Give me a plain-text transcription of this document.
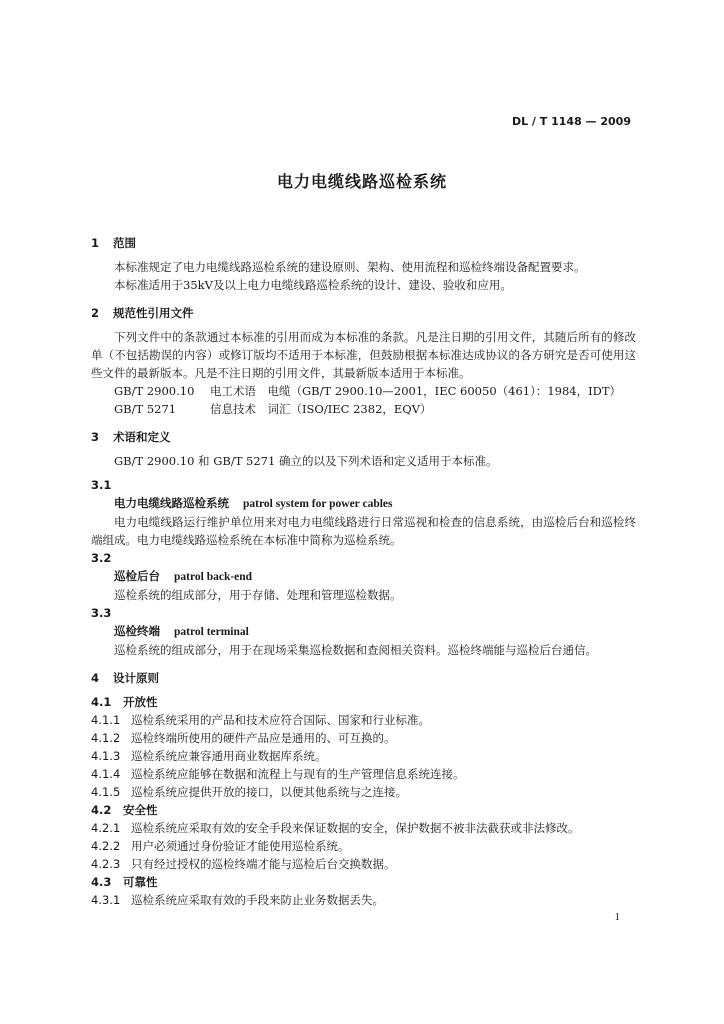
DL / T 1148 — 2009
电力电缆线路巡检系统
1 范围
本标准规定了电力电缆线路巡检系统的建设原则、架构、使用流程和巡检终端设备配置要求。
本标准适用于35kV及以上电力电缆线路巡检系统的设计、建设、验收和应用。
2 规范性引用文件
下列文件中的条款通过本标准的引用而成为本标准的条款。凡是注日期的引用文件，其随后所有的修改单（不包括勘误的内容）或修订版均不适用于本标准，但鼓励根据本标准达成协议的各方研究是否可使用这些文件的最新版本。凡是不注日期的引用文件，其最新版本适用于本标准。
GB/T 2900.10 电工术语　电缆（GB/T 2900.10—2001，IEC 60050（461）：1984，IDT）
GB/T 5271	信息技术　词汇（ISO/IEC 2382，EQV）
3 术语和定义
GB/T 2900.10 和 GB/T 5271 确立的以及下列术语和定义适用于本标准。
3.1
电力电缆线路巡检系统 patrol system for power cables
电力电缆线路运行维护单位用来对电力电缆线路进行日常巡视和检查的信息系统，由巡检后台和巡检终端组成。电力电缆线路巡检系统在本标准中简称为巡检系统。
3.2
巡检后台 patrol back-end
巡检系统的组成部分，用于存储、处理和管理巡检数据。
3.3
巡检终端 patrol terminal
巡检系统的组成部分，用于在现场采集巡检数据和查阅相关资料。巡检终端能与巡检后台通信。
4 设计原则
4.1 开放性
4.1.1 巡检系统采用的产品和技术应符合国际、国家和行业标准。
4.1.2 巡检终端所使用的硬件产品应是通用的、可互换的。
4.1.3 巡检系统应兼容通用商业数据库系统。
4.1.4 巡检系统应能够在数据和流程上与现有的生产管理信息系统连接。
4.1.5 巡检系统应提供开放的接口，以便其他系统与之连接。
4.2 安全性
4.2.1 巡检系统应采取有效的安全手段来保证数据的安全，保护数据不被非法截获或非法修改。
4.2.2 用户必须通过身份验证才能使用巡检系统。
4.2.3 只有经过授权的巡检终端才能与巡检后台交换数据。
4.3 可靠性
4.3.1 巡检系统应采取有效的手段来防止业务数据丢失。
1
